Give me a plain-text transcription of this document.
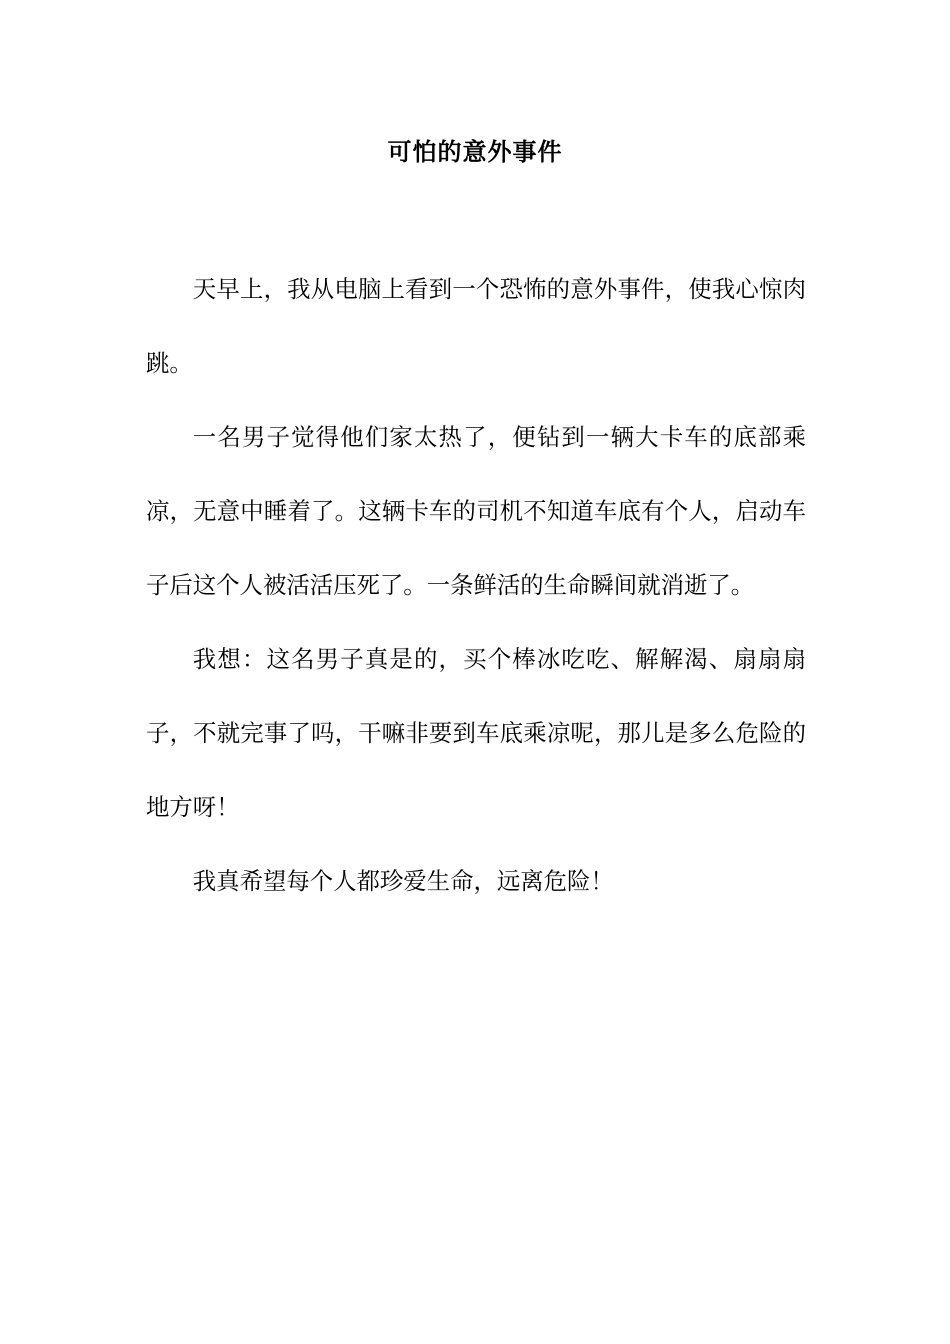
可怕的意外事件

天早上，我从电脑上看到一个恐怖的意外事件，使我心惊肉跳。

一名男子觉得他们家太热了，便钻到一辆大卡车的底部乘凉，无意中睡着了。这辆卡车的司机不知道车底有个人，启动车子后这个人被活活压死了。一条鲜活的生命瞬间就消逝了。

我想：这名男子真是的，买个棒冰吃吃、解解渴、扇扇扇子，不就完事了吗，干嘛非要到车底乘凉呢，那儿是多么危险的地方呀！

我真希望每个人都珍爱生命，远离危险！
